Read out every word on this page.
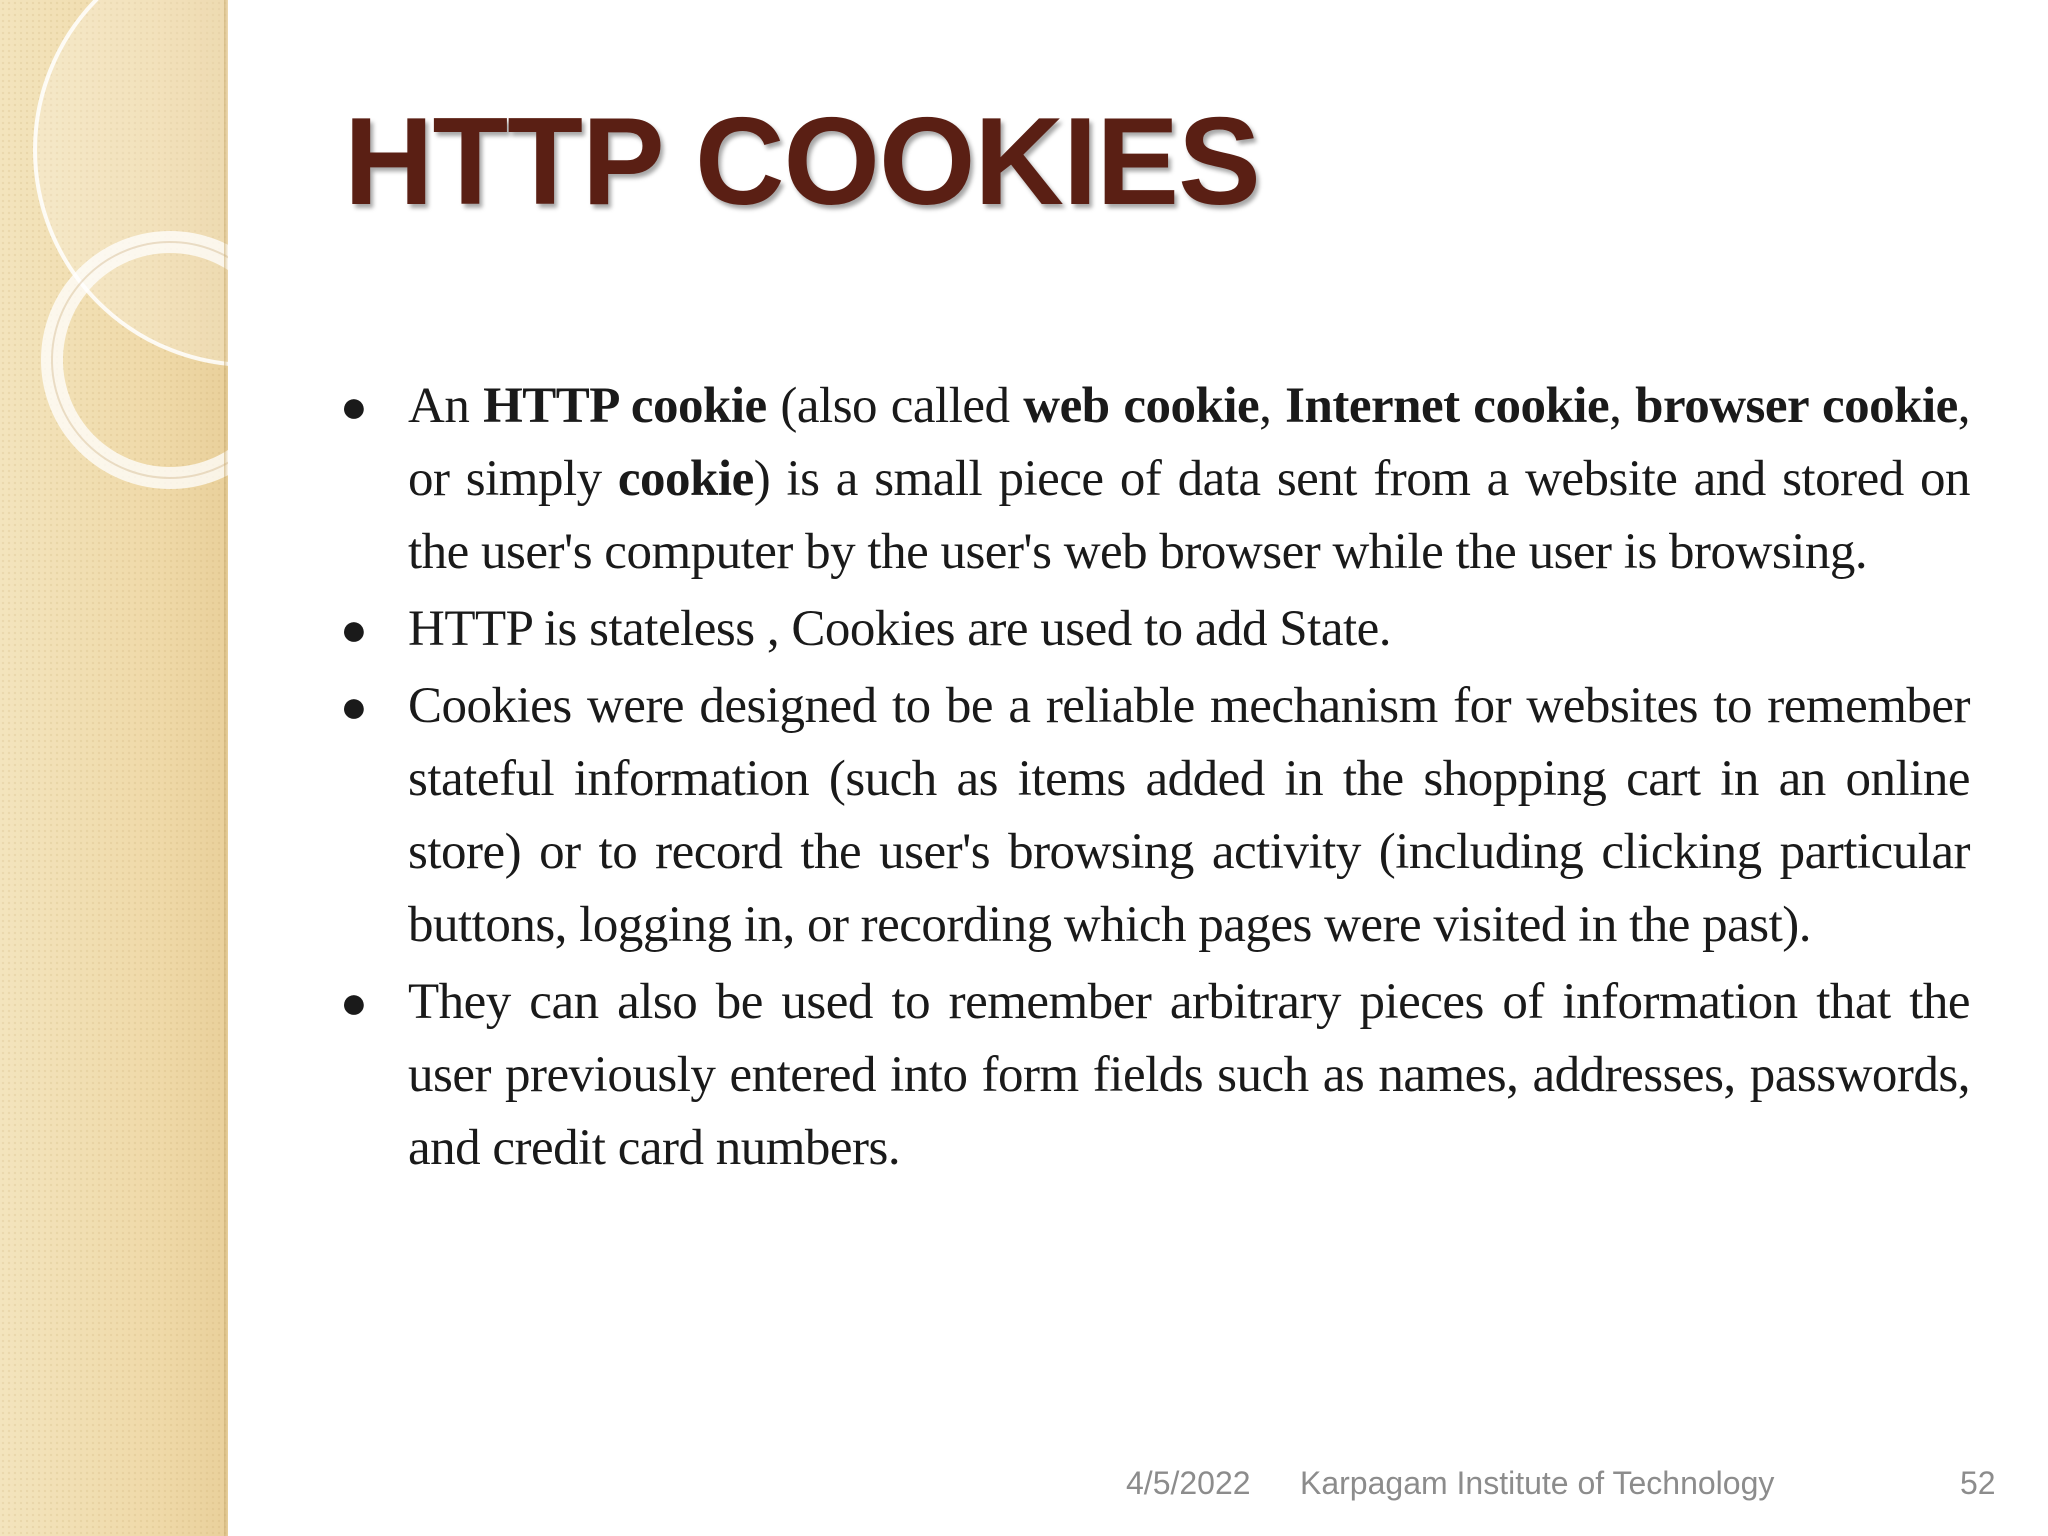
HTTP COOKIES
● An HTTP cookie (also called web cookie, Internet cookie, browser cookie, or simply cookie) is a small piece of data sent from a website and stored on the user's computer by the user's web browser while the user is browsing.
● HTTP is stateless , Cookies are used to add State.
● Cookies were designed to be a reliable mechanism for websites to remember stateful information (such as items added in the shopping cart in an online store) or to record the user's browsing activity (including clicking particular buttons, logging in, or recording which pages were visited in the past).
● They can also be used to remember arbitrary pieces of information that the user previously entered into form fields such as names, addresses, passwords, and credit card numbers.
4/5/2022 Karpagam Institute of Technology	52
